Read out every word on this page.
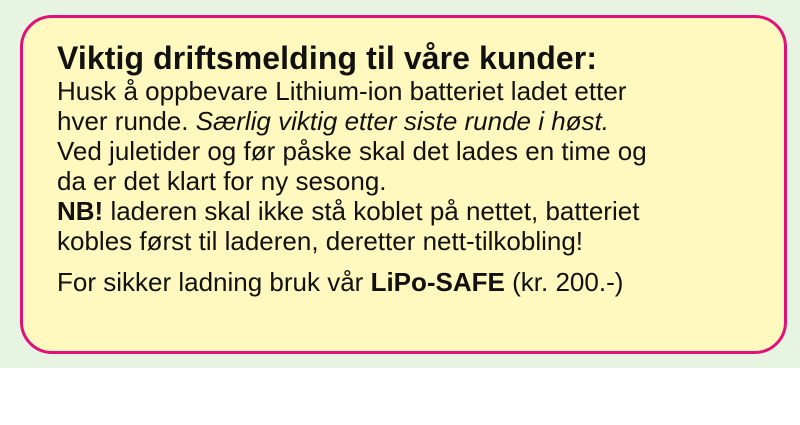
Viktig driftsmelding til våre kunder:

Husk å oppbevare Lithium-ion batteriet ladet etter
hver runde. Særlig viktig etter siste runde i høst.
Ved juletider og før påske skal det lades en time og
da er det klart for ny sesong.

NB! laderen skal ikke stå koblet på nettet, batteriet
kobles først til laderen, deretter nett-tilkobling!

For sikker ladning bruk vår LiPo-SAFE (kr. 200.-)
